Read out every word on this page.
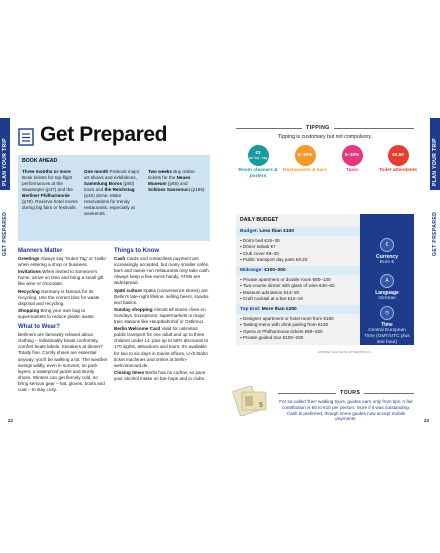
PLAN YOUR TRIP
GET PREPARED
PLAN YOUR TRIP
GET PREPARED
Get Prepared
BOOK AHEAD
Three months or more Book tickets for top-flight performances at the Staatsoper (p47) and the Berliner Philharmonie (p78). Reserve hotel rooms during big fairs or festivals.
One month Prebook major art shows and exhibitions, Sammlung Boros (p90) tours and the Reichstag (p40) dome. Make reservations for trendy restaurants, especially at weekends.
Two weeks Buy online tickets for the Neues Museum (p65) and Schloss Sanssouci (p166).
Manners Matter

Greetings Always say 'Guten Tag' or 'Hallo' when entering a shop or business.

Invitations When invited to someone's home, arrive on time and bring a small gift like wine or chocolate.

Recycling Germany is famous for its recycling. Use the correct bins for waste disposal and recycling.

Shopping Bring your own bag to supermarkets to reduce plastic waste.

What to Wear?

Berliners are famously relaxed about clothing – individuality beats conformity, comfort beats labels. Sneakers at dinner? Totally fine. Comfy shoes are essential anyway: you'll be walking a lot. The weather swings wildly, even in summer, so pack layers, a waterproof jacket and sturdy shoes. Winters can get fiercely cold, so bring serious gear – hat, gloves, boots and coat – to stay cosy.

Things to Know

Cash Cards and contactless payment are increasingly accepted, but many smaller cafes, bars and owner-run restaurants only take cash. Always keep a few euros handy. ATMs are widespread.

Späti culture Spätis (convenience stores) are Berlin's late-night lifeline, selling beers, snacks and basics.

Sunday shopping Almost all stores close on Sundays. Exceptions: supermarkets in major train stations like Hauptbahnhof or Ostkreuz.

Berlin Welcome Card Valid for unlimited public transport for one adult and up to three children under 14, plus up to 50% discounts to 170 sights, attractions and tours. It's available for two to six days in tourist offices, U-/S-Bahn ticket machines and online at berlin-welcomecard.de.

Closing times Berlin has no curfew, so pace your alcohol intake on bar-hops and in clubs.

22	23
TIPPING
Tipping is customary but not compulsory.
€2
per day / bag
Room cleaners & porters
5–10%
Restaurants & bars
5–10%
Taxis
€0.50
Toilet attendants
DAILY BUDGET
Budget: Less than €100
▪ Dorm bed €15–30
▪ Döner kebab €7
▪ Club cover €8–30
▪ Public transport day pass €8.20
Midrange: €100–200
▪ Private apartment or double room €80–130
▪ Two-course dinner with glass of wine €40–60
▪ Museum admission €14–20
▪ Craft cocktail at a bar €12–16
Top End: More than €200
▪ Designer apartment or hotel room from €180
▪ Tasting-menu with drink pairing from €130
▪ Opera or Philharmonie tickets €60–250
▪ Private guided tour €100–200
€
Currency
Euro €
A
Language
German
◷
Time
Central European Time (GMT/UTC plus one hour)
ANDREI ALEXEI/SHUTTERSTOCK
5
TOURS
For so-called 'free' walking tours, guides earn only from tips. A fair contribution is €5 to €10 per person, more if it was outstanding. Cash is preferred, though some guides now accept mobile payments.
